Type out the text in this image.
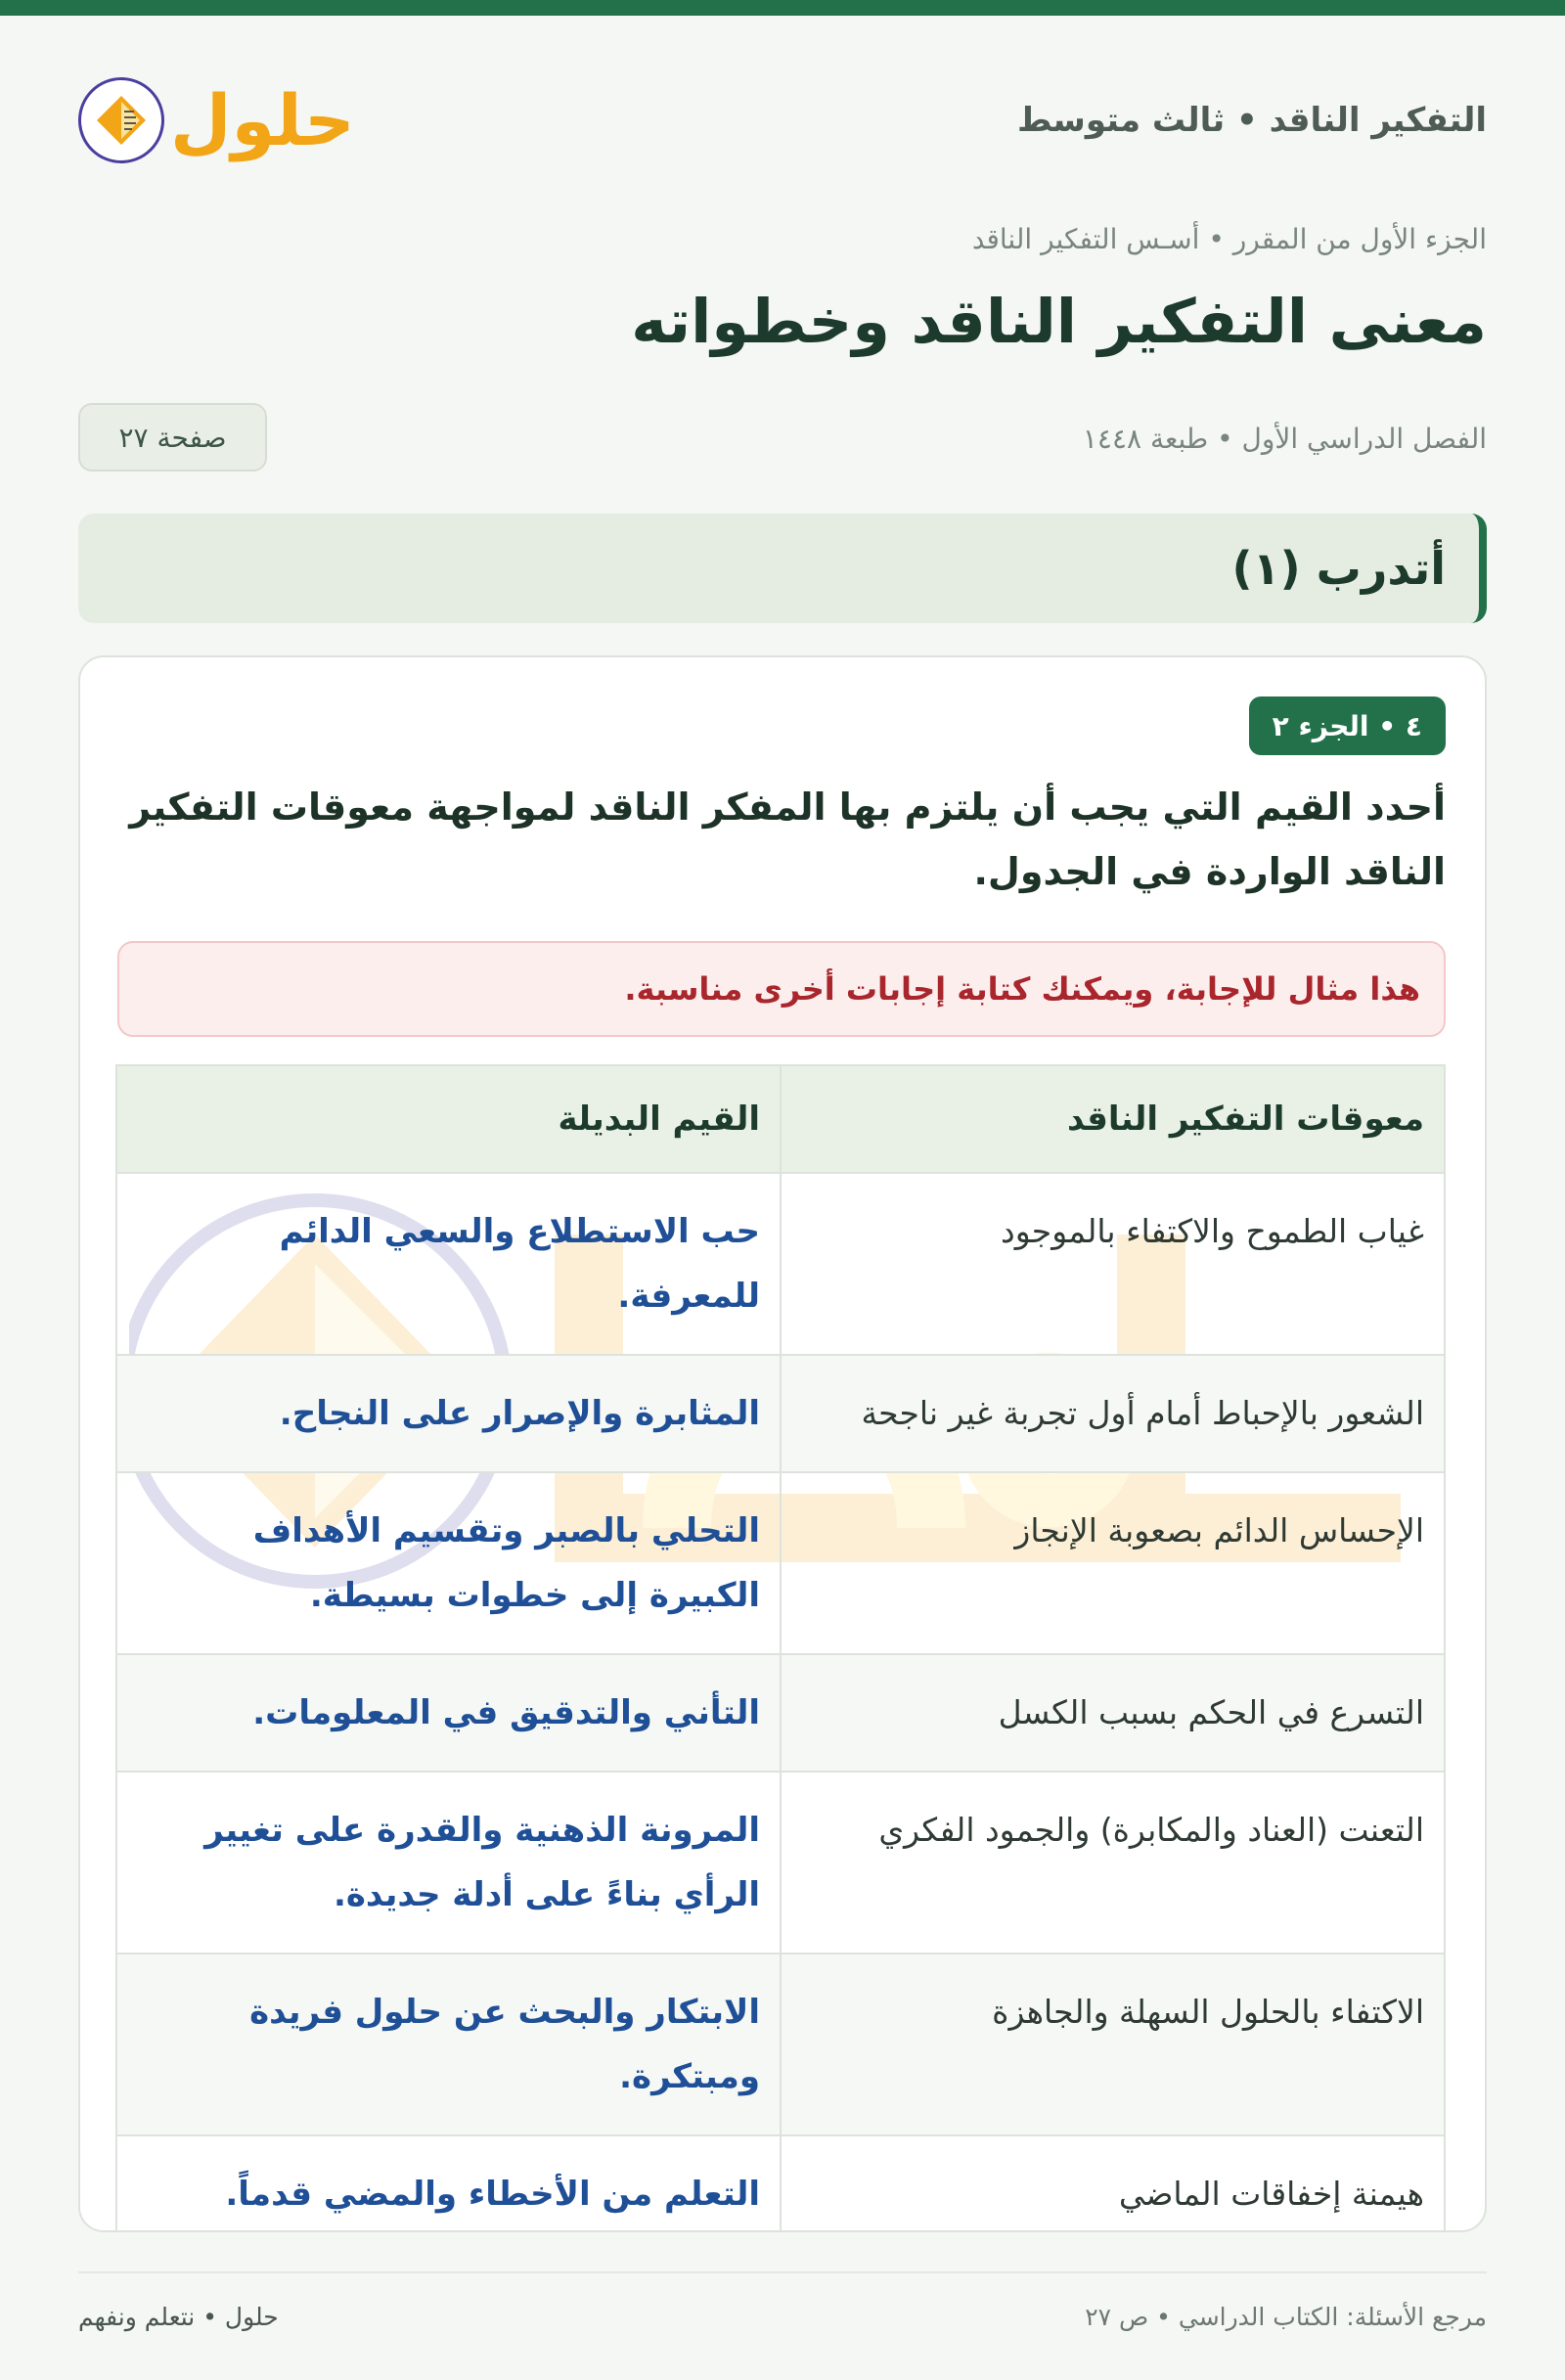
التفكير الناقد • ثالث متوسط
حلول
الجزء الأول من المقرر • أسـس التفكير الناقد
معنى التفكير الناقد وخطواته
الفصل الدراسي الأول • طبعة ١٤٤٨
صفحة ٢٧
أتدرب (١)
٤ • الجزء ٢
أحدد القيم التي يجب أن يلتزم بها المفكر الناقد لمواجهة معوقات التفكير الناقد الواردة في الجدول.
هذا مثال للإجابة، ويمكنك كتابة إجابات أخرى مناسبة.
معوقات التفكير الناقد	القيم البديلة
غياب الطموح والاكتفاء بالموجود	حب الاستطلاع والسعي الدائم للمعرفة.
الشعور بالإحباط أمام أول تجربة غير ناجحة	المثابرة والإصرار على النجاح.
الإحساس الدائم بصعوبة الإنجاز	التحلي بالصبر وتقسيم الأهداف الكبيرة إلى خطوات بسيطة.
التسرع في الحكم بسبب الكسل	التأني والتدقيق في المعلومات.
التعنت (العناد والمكابرة) والجمود الفكري	المرونة الذهنية والقدرة على تغيير الرأي بناءً على أدلة جديدة.
الاكتفاء بالحلول السهلة والجاهزة	الابتكار والبحث عن حلول فريدة ومبتكرة.
هيمنة إخفاقات الماضي	التعلم من الأخطاء والمضي قدماً.
مرجع الأسئلة: الكتاب الدراسي • ص ٢٧
حلول • نتعلم ونفهم
